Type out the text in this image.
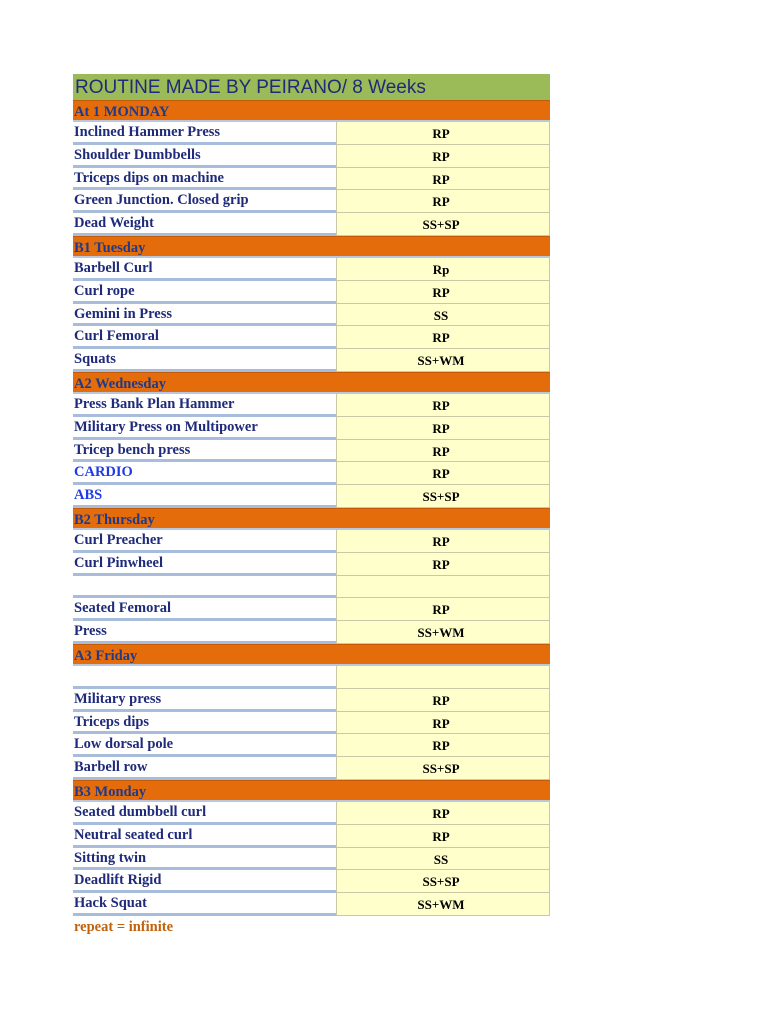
ROUTINE MADE BY PEIRANO/ 8 Weeks
At 1 MONDAY
Inclined Hammer Press	RP
Shoulder Dumbbells	RP
Triceps dips on machine	RP
Green Junction. Closed grip	RP
Dead Weight	SS+SP
B1 Tuesday
Barbell Curl	Rp
Curl rope	RP
Gemini in Press	SS
Curl Femoral	RP
Squats	SS+WM
A2 Wednesday
Press Bank Plan Hammer	RP
Military Press on Multipower	RP
Tricep bench press	RP
CARDIO	RP
ABS	SS+SP
B2 Thursday
Curl Preacher	RP
Curl Pinwheel	RP
Seated Femoral	RP
Press	SS+WM
A3 Friday
Military press	RP
Triceps dips	RP
Low dorsal pole	RP
Barbell row	SS+SP
B3 Monday
Seated dumbbell curl	RP
Neutral seated curl	RP
Sitting twin	SS
Deadlift Rigid	SS+SP
Hack Squat	SS+WM
repeat = infinite
